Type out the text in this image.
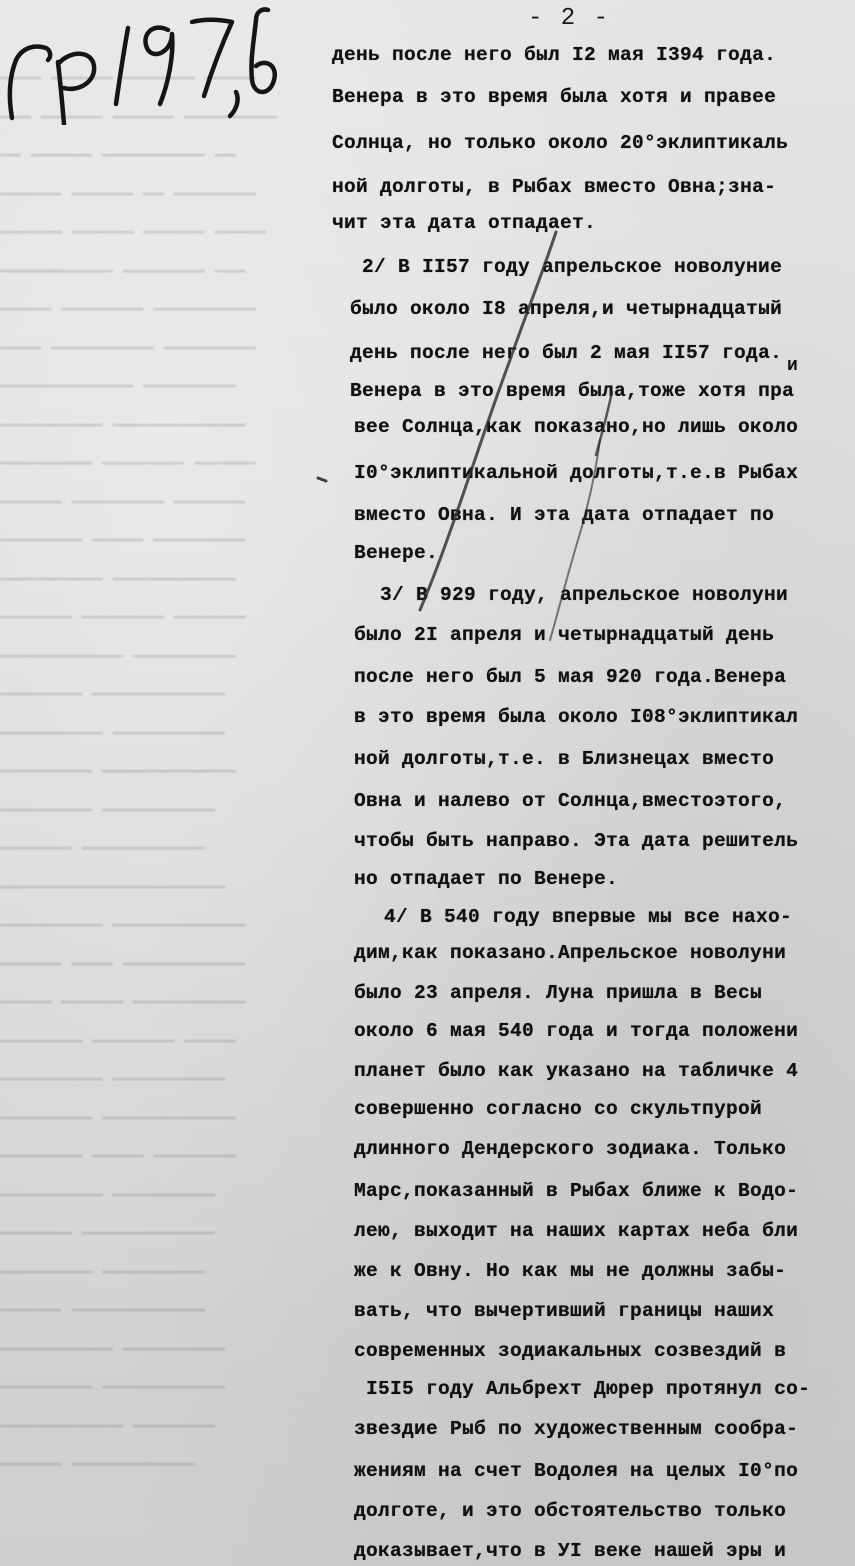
━━━━ ━━━━━━ ━━━━━━━ ━━━━━
━━━ ━━━━━━ ━━━━━━ ━━━━━━━━━
━━ ━━━━━━ ━━━━━━━━━━ ━━
━━━━━━ ━━━━━━ ━━ ━━━━━━━━
━━━━━━ ━━━━━━ ━━━━━━ ━━━━━
━━━━━━━━━━━ ━━━━━━━━ ━━━
━━━━━ ━━━━━━━━ ━━━━━━━━━━
━━━━ ━━━━━━━━━━ ━━━━━━━━━
━━━━━━━━━━━━━ ━━━━━━━━━
━━━━━━━━━━ ━━━━━━━━━━━━━
━━━━━━━━━ ━━━━━━━━ ━━━━━━
━━━━━━ ━━━━━━━━━ ━━━━━━━
━━━━━━━━ ━━━━━ ━━━━━━━━━
━━━━━━━━━━ ━━━━━━━━━━━━
━━━━━━━ ━━━━━━━━ ━━━━━━━
━━━━━━━━━━━━ ━━━━━━━━━━
━━━━━━━━ ━━━━━━━━━━━━━
━━━━━━━━━━ ━━━━━━━━━━━
━━━━━━━━━ ━━━━━━━━━━━━━
━━━━━━━━━ ━━━━━━━━━━━
━━━━━━━ ━━━━━━━━━━━━
━━━━━━━━━━━━━━━━━━━━━━
━━━━━━━━━━ ━━━━━━━━━━━━━
━━━━━━ ━━━━ ━━━━━━━━━━━━
━━━━━ ━━━━━━ ━━━━━━━━━━━
━━━━━━━━ ━━━━━━━━ ━━━━━
━━━━━━━━━━ ━━━━━━━━━━━
━━━━━━━━━ ━━━━━━━━━━━━━
━━━━━━━━ ━━━━━ ━━━━━━━━
━━━━━━━━━━ ━━━━━━━━━━
━━━━━━━ ━━━━━━━━━━━━━
━━━━━━━━━ ━━━━━━━━━━
━━━━━━ ━━━━━━━━━━━━━
━━━━━━━━━━━ ━━━━━━━━━━
━━━━━━━━━ ━━━━━━━━━━━━
━━━━━━━━━━━━ ━━━━━━━━
━━━━━━ ━━━━━━━━━━━━
- 2 -
день после него был I2 мая I394 года.
Венера в это время была хотя и правее
Солнца, но только около 20°эклиптикаль
ной долготы, в Рыбах вместо Овна;зна-
чит эта дата отпадает.
2/ В II57 году апрельское новолуние
было около I8 апреля,и четырнадцатый
день после него был 2 мая II57 года.
Венера в это время была,тоже хотя пра
вее Солнца,как показано,но лишь около
I0°эклиптикальной долготы,т.е.в Рыбах
вместо Овна. И эта дата отпадает по
Венере.
3/ В 929 году, апрельское новолуни
было 2I апреля и четырнадцатый день
после него был 5 мая 920 года.Венера
в это время была около I08°эклиптикал
ной долготы,т.е. в Близнецах вместо
Овна и налево от Солнца,вместоэтого,
чтобы быть направо. Эта дата решитель
но отпадает по Венере.
4/ В 540 году впервые мы все нахо-
дим,как показано.Апрельское новолуни
было 23 апреля. Луна пришла в Весы
около 6 мая 540 года и тогда положени
планет было как указано на табличке 4
совершенно согласно со скультпурой
длинного Дендерского зодиака. Только
Марс,показанный в Рыбах ближе к Водо-
лею, выходит на наших картах неба бли
же к Овну. Но как мы не должны забы-
вать, что вычертивший границы наших
современных зодиакальных созвездий в
I5I5 году Альбрехт Дюрер протянул со-
звездие Рыб по художественным сообра-
жениям на счет Водолея на целых I0°по
долготе, и это обстоятельство только
доказывает,что в УI веке нашей эры и
и
